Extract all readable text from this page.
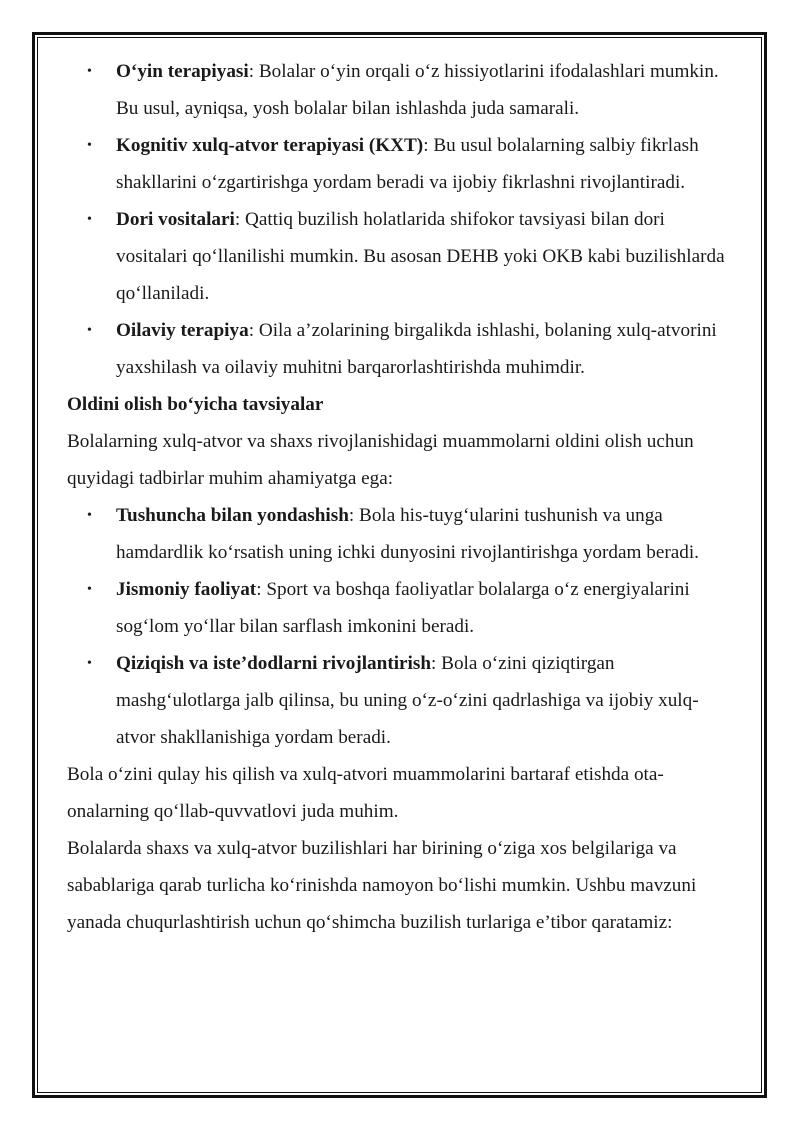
• O‘yin terapiyasi: Bolalar o‘yin orqali o‘z hissiyotlarini ifodalashlari mumkin. Bu usul, ayniqsa, yosh bolalar bilan ishlashda juda samarali.
• Kognitiv xulq-atvor terapiyasi (KXT): Bu usul bolalarning salbiy fikrlash shakllarini o‘zgartirishga yordam beradi va ijobiy fikrlashni rivojlantiradi.
• Dori vositalari: Qattiq buzilish holatlarida shifokor tavsiyasi bilan dori vositalari qo‘llanilishi mumkin. Bu asosan DEHB yoki OKB kabi buzilishlarda qo‘llaniladi.
• Oilaviy terapiya: Oila a’zolarining birgalikda ishlashi, bolaning xulq-atvorini yaxshilash va oilaviy muhitni barqarorlashtirishda muhimdir.

Oldini olish bo‘yicha tavsiyalar

Bolalarning xulq-atvor va shaxs rivojlanishidagi muammolarni oldini olish uchun quyidagi tadbirlar muhim ahamiyatga ega:

• Tushuncha bilan yondashish: Bola his-tuyg‘ularini tushunish va unga hamdardlik ko‘rsatish uning ichki dunyosini rivojlantirishga yordam beradi.
• Jismoniy faoliyat: Sport va boshqa faoliyatlar bolalarga o‘z energiyalarini sog‘lom yo‘llar bilan sarflash imkonini beradi.
• Qiziqish va iste’dodlarni rivojlantirish: Bola o‘zini qiziqtirgan mashg‘ulotlarga jalb qilinsa, bu uning o‘z-o‘zini qadrlashiga va ijobiy xulq-atvor shakllanishiga yordam beradi.

Bola o‘zini qulay his qilish va xulq-atvori muammolarini bartaraf etishda ota-onalarning qo‘llab-quvvatlovi juda muhim.

Bolalarda shaxs va xulq-atvor buzilishlari har birining o‘ziga xos belgilariga va sabablariga qarab turlicha ko‘rinishda namoyon bo‘lishi mumkin. Ushbu mavzuni yanada chuqurlashtirish uchun qo‘shimcha buzilish turlariga e’tibor qaratamiz:
